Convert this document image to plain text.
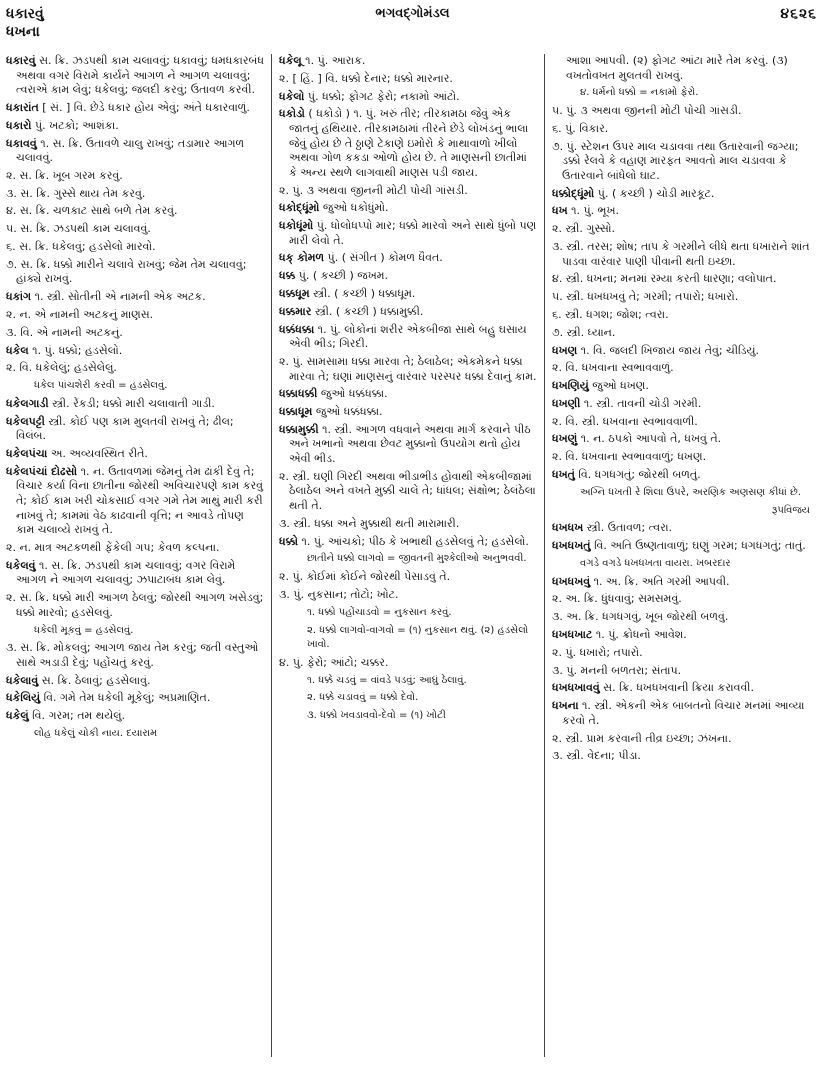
ધકારવું
ધખના
ભગવદ્ગોમંડલ	૪૬૨૬

ધકારવું સ. ક્રિ. ઝડપથી કામ ચલાવવું; ધકાવવું; ધમધકારબંધ અથવા વગર વિરામે કાર્યને આગળ ને આગળ ચલાવવું; ત્વરાએ કામ લેવું; ધકેલવું; જલદી કરવું; ઉતાવળ કરવી.

ધકારાંત [ સં. ] વિ. છેડે ધકાર હોય એવું; અંતે ધકારવાળું.

ધકારો પું. ખટકો; આશંકા.

ધકાવવું ૧. સ. ક્રિ. ઉતાવળે ચાલુ રાખવું; તડામાર આગળ ચલાવવું.

૨. સ. ક્રિ. ખૂબ ગરમ કરવું.

૩. સ. ક્રિ. ગુસ્સે થાય તેમ કરવું.

૪. સ. ક્રિ. ચળકાટ સાથે બળે તેમ કરવું.

૫. સ. ક્રિ. ઝડપથી કામ ચલાવવું.

૬. સ. ક્રિ. ધકેલવું; હડસેલો મારવો.

૭. સ. ક્રિ. ધક્કો મારીને ચલાવે રાખવું; જેમ તેમ ચલાવવું; હાંક્યે રાખવું.

ધકાંગ ૧. સ્ત્રી. સોતીની એ નામની એક અટક.

૨. ન. એ નામની અટકનું માણસ.

૩. વિ. એ નામની અટકનું.

ધકેલ ૧. પું. ધક્કો; હડસેલો.

૨. વિ. ધકેલેલું; હડસેલેલું.

ધકેલ પાંચશેરી કરવી = હડસેલવું.

ધકેલગાડી સ્ત્રી. રેંકડી; ધક્કો મારી ચલાવાતી ગાડી.

ધકેલપટ્ટી સ્ત્રી. કોઈ પણ કામ મુલતવી રાખવું તે; ઢીલ; વિલંબ.

ધકેલપંચા અ. અવ્યવસ્થિત રીતે.

ધકેલપંચાં દોઢસો ૧. ન. ઉતાવળમાં જેમનું તેમ ઢાંકી દેવું તે; વિચાર કર્યા વિના છાતીના જોરથી અવિચારપણે કામ કરવું તે; કોઈ કામ ખરી ચોકસાઈ વગર ગમે તેમ માથું મારી કરી નાખવું તે; કામમાં વેઠ કાઢવાની વૃત્તિ; ન આવડે તોપણ કામ ચલાવ્યે રાખવું તે.

૨. ન. માત્ર અટકળથી ફેંકેલી ગપ; કેવળ કલ્પના.

ધકેલવું ૧. સ. ક્રિ. ઝડપથી કામ ચલાવવું; વગર વિરામે આગળ ને આગળ ચલાવવું; ઝપાટાબંધ કામ લેવું.

૨. સ. ક્રિ. ધક્કો મારી આગળ ઠેલવું; જોરથી આગળ ખસેડવું; ધક્કો મારવો; હડસેલવું.

ધકેલી મૂકવું = હડસેલવું.

૩. સ. ક્રિ. મોકલવું; આગળ જાય તેમ કરવું; જતી વસ્તુઓ સાથે અડાડી દેવું; પહોંચતું કરવું.

ધકેલાવું સ. ક્રિ. ઠેલાવું; હડસેલાવું.

ધકેલિયું વિ. ગમે તેમ ધકેલી મૂકેલું; અપ્રમાણિત.

ધકેલું વિ. ગરમ; તમ થયેલું.

લોહ ધકેલું ચોકી નાય. દયારામ

ધકેલૂ ૧. પું. આરાક.

૨. [ હિં. ] વિ. ધક્કો દેનાર; ધક્કો મારનાર.

ધકેલો પું. ધક્કો; ફોગટ ફેરો; નકામો આંટો.

ધકોડો ( ધકોડો ) ૧. પું. ખરું તીર; તીરકામઠા જેવું એક જાતનું હથિયાર. તીરકામઠામાં તીરને છેડે લોખંડનું ભાલા જેવું હોય છે તે ઠ્ઠાણે ટેકાણે ઇમોરો કે માથાવાળો ખીલો અથવા ગોળ કકડા ઓળો હોય છે. તે માણસની છાતીમાં કે અન્ય સ્થળે લાગવાથી માણસ પડી જાય.

૨. પું. ૩ અથવા જીનની મોટી પોચી ગાંસડી.

ધકોદ્ધૂંમો જુઓ ધકોધુંમો.

ધકોધૂંમો પું. ધોલોધપ્પો માર; ધક્કો મારવો અને સાથે ધુંબો પણ મારી લેવો તે.

ધક્ કોમળ પું. ( સંગીત ) કોમળ ધૈવત.

ધક્ક પું. ( કચ્છી ) જખમ.

ધક્કધૂમ સ્ત્રી. ( કચ્છી ) ધક્કાધૂમ.

ધક્કમાર સ્ત્રી. ( કચ્છી ) ધક્કામુક્કી.

ધક્કંધક્કા ૧. પું. લોકોનાં શરીર એકબીજા સાથે બહુ ઘસાય એવી ભીડ; ગિરદી.

૨. પું. સામસામા ધક્કા મારવા તે; ઠેલાઠેલ; એકમેકને ધક્કા મારવા તે; ઘણાં માણસનું વારંવાર પરસ્પર ધક્કા દેવાનું કામ.

ધક્કાધક્કી જુઓ ધક્કંધક્કા.

ધક્કાધૂમ જુઓ ધક્કંધક્કા.

ધક્કામુક્કી ૧. સ્ત્રી. આગળ વધવાને અથવા માર્ગ કરવાને પીઠ અને ખભાનો અથવા છેવટ મુક્કાનો ઉપયોગ થતો હોય એવી ભીડ.

૨. સ્ત્રી. ઘણી ગિરદી અથવા ભીડાભીડ હોવાથી એકબીજામાં ઠેલાઠેલ અને વખતે મુક્કી ચાલે તે; ધાંધલ; સંક્ષોભ; ઠેલંઠેલા થતી તે.

૩. સ્ત્રી. ધક્કા અને મુક્કાથી થતી મારામારી.

ધક્કો ૧. પું. આંચકો; પીઠ કે ખભાથી હડસેલવું તે; હડસેલો.

છાતીને ધક્કો લાગવો = જીવતની મુશ્કેલીઓ અનુભવવી.

૨. પું. કોઈમાં કોઈને જોરથી પેસાડવું તે.

૩. પું. નુકસાન; તોટો; ખોટ.

૧. ધક્કો પહોંચાડવો = નુકસાન કરવું.

૨. ધક્કો લાગવો-વાગવો = (૧) નુકસાન થવું. (૨) હડસેલો ખાવો.

૪. પું. ફેરો; આંટો; ચક્કર.

૧. ધક્કે ચડવું = વાંવડે પડવું; આઘું ઠેલાવું.

૨. ધક્કે ચડાવવું = ધક્કો દેવો.

૩. ધક્કો ખવડાવવો-દેવો = (૧) ખોટી

આશા આપવી. (૨) ફોગટ આંટા મારે તેમ કરવું. (૩) વખતોવખત મુલતવી રાખવું.

૪. ધર્મનો ધક્કો = નકામો ફેરો.

૫. પું. ૩ અથવા જીનની મોટી પોચી ગાંસડી.

૬. પું. વિકાર.

૭. પું. સ્ટેશન ઉપર માલ ચડાવવા તથા ઉતારવાની જગ્યા; ડક્કો રેલવે કે વહાણ મારફત આવતો માલ ચડાવવા કે ઉતારવાને બાંધેલો ઘાટ.

ધક્કોદ્ધૂંમો પું. ( કચ્છી ) ચોડી મારકૂટ.

ધખ ૧. પું. ભૂખ.

૨. સ્ત્રી. ગુસ્સો.

૩. સ્ત્રી. તરસ; શોષ; તાપ કે ગરમીને લીધે થતા ધખારાને શાંત પાડવા વારંવાર પાણી પીવાની થતી ઇચ્છા.

૪. સ્ત્રી. ધખના; મનમાં રમ્યા કરતી ધારણા; વલોપાત.

૫. સ્ત્રી. ધખધખવું તે; ગરમી; તપારો; ધખારો.

૬. સ્ત્રી. ધગશ; જોશ; ત્વરા.

૭. સ્ત્રી. ધ્યાન.

ધખણ ૧. વિ. જલદી ખિજાય જાય તેવું; ચીડિયું.

૨. વિ. ધખવાના સ્વભાવવાળું.

ધખણિયું જુઓ ધખણ.

ધખણી ૧. સ્ત્રી. તાવની ચોડી ગરમી.

૨. વિ. સ્ત્રી. ધખવાના સ્વભાવવાળી.

ધખણું ૧. ન. ઠપકો આપવો તે, ધખવું તે.

૨. વિ. ધખવાના સ્વભાવવાળું; ધખણ.

ધખતું વિ. ધગધગતું; જોરથી બળતું.

અગ્નિ ધખતી રે શિલા ઉપરે, અરણિક અણસણ કીધાં છે.

રૂપવિજય

ધખધખ સ્ત્રી. ઉતાવળ; ત્વરા.

ધખધખતું વિ. અતિ ઉષ્ણતાવાળું; ઘણું ગરમ; ધગધગતું; તાતું.

વગડે વગડે ધખધખતા વાયરા. ખબરદાર

ધખધખવું ૧. અ. ક્રિ. અતિ ગરમી આપવી.

૨. અ. ક્રિ. ધુંધવાવું; સમસમવું.

૩. અ. ક્રિ. ધગધગવું, ખૂબ જોરથી બળવું.

ધખધખાટ ૧. પું. ક્રોધનો આવેશ.

૨. પું. ધખારો; તપારો.

૩. પું. મનની બળતરા; સંતાપ.

ધખધખાવવું સ. ક્રિ. ધખધખવાની ક્રિયા કરાવવી.

ધખના ૧. સ્ત્રી. એકની એક બાબતનો વિચાર મનમાં આવ્યા કરવો તે.

૨. સ્ત્રી. પ્રામ કરવાની તીવ્ર ઇચ્છા; ઝંખના.

૩. સ્ત્રી. વેદના; પીડા.
